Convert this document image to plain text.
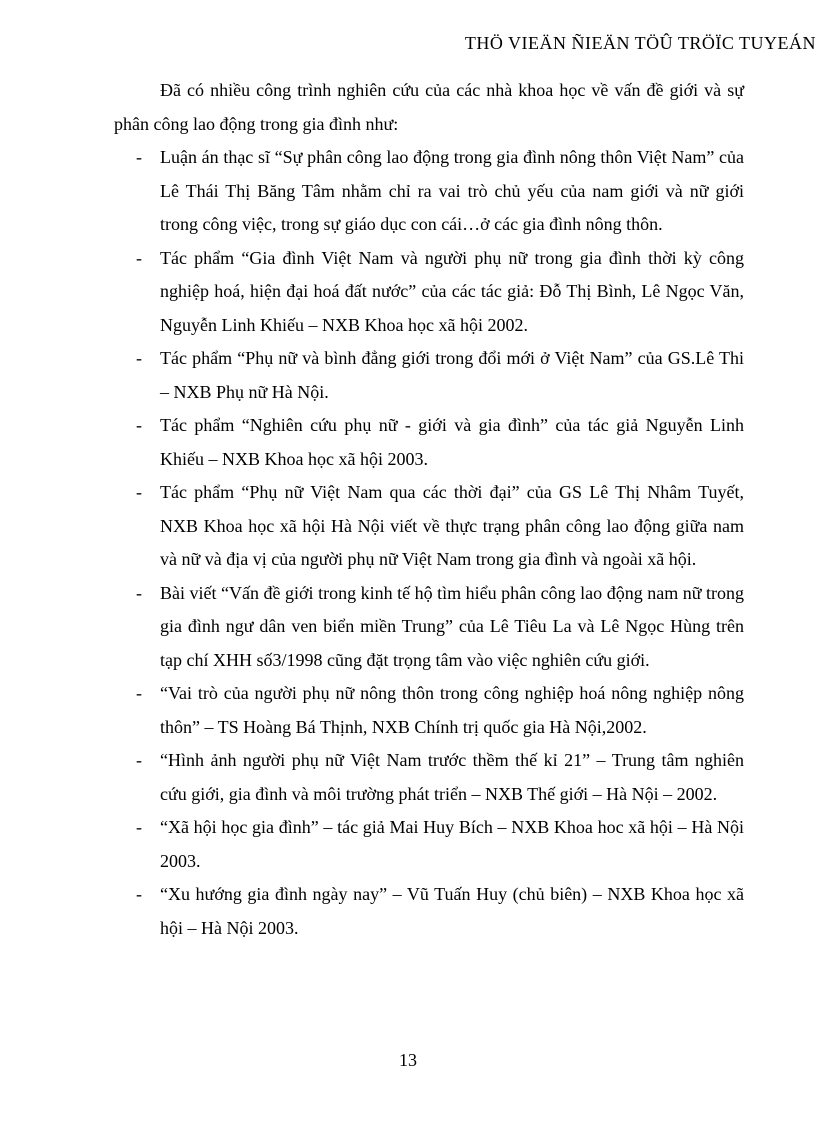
THÖ VIEÄN ÑIEÄN TÖÛ TRÖÏC TUYEÁN

Đã có nhiều công trình nghiên cứu của các nhà khoa học về vấn đề giới và sự phân công lao động trong gia đình như:

- Luận án thạc sĩ “Sự phân công lao động trong gia đình nông thôn Việt Nam” của Lê Thái Thị Băng Tâm nhằm chỉ ra vai trò chủ yếu của nam giới và nữ giới trong công việc, trong sự giáo dục con cái…ở các gia đình nông thôn.
- Tác phẩm “Gia đình Việt Nam và người phụ nữ trong gia đình thời kỳ công nghiệp hoá, hiện đại hoá đất nước” của các tác giả: Đỗ Thị Bình, Lê Ngọc Văn, Nguyễn Linh Khiếu – NXB Khoa học xã hội 2002.
- Tác phẩm “Phụ nữ và bình đẳng giới trong đổi mới ở Việt Nam” của GS.Lê Thi – NXB Phụ nữ Hà Nội.
- Tác phẩm “Nghiên cứu phụ nữ - giới và gia đình” của tác giả Nguyễn Linh Khiếu – NXB Khoa học xã hội 2003.
- Tác phẩm “Phụ nữ Việt Nam qua các thời đại” của GS Lê Thị Nhâm Tuyết, NXB Khoa học xã hội Hà Nội viết về thực trạng phân công lao động giữa nam và nữ và địa vị của người phụ nữ Việt Nam trong gia đình và ngoài xã hội.
- Bài viết “Vấn đề giới trong kinh tế hộ tìm hiểu phân công lao động nam nữ trong gia đình ngư dân ven biển miền Trung” của Lê Tiêu La và Lê Ngọc Hùng trên tạp chí XHH số3/1998 cũng đặt trọng tâm vào việc nghiên cứu giới.
- “Vai trò của người phụ nữ nông thôn trong công nghiệp hoá nông nghiệp nông thôn” – TS Hoàng Bá Thịnh, NXB Chính trị quốc gia Hà Nội,2002.
- “Hình ảnh người phụ nữ Việt Nam trước thềm thế kỉ 21” – Trung tâm nghiên cứu giới, gia đình và môi trường phát triển – NXB Thế giới – Hà Nội – 2002.
- “Xã hội học gia đình” – tác giả Mai Huy Bích – NXB Khoa hoc xã hội – Hà Nội 2003.
- “Xu hướng gia đình ngày nay” – Vũ Tuấn Huy (chủ biên) – NXB Khoa học xã hội – Hà Nội 2003.
13
